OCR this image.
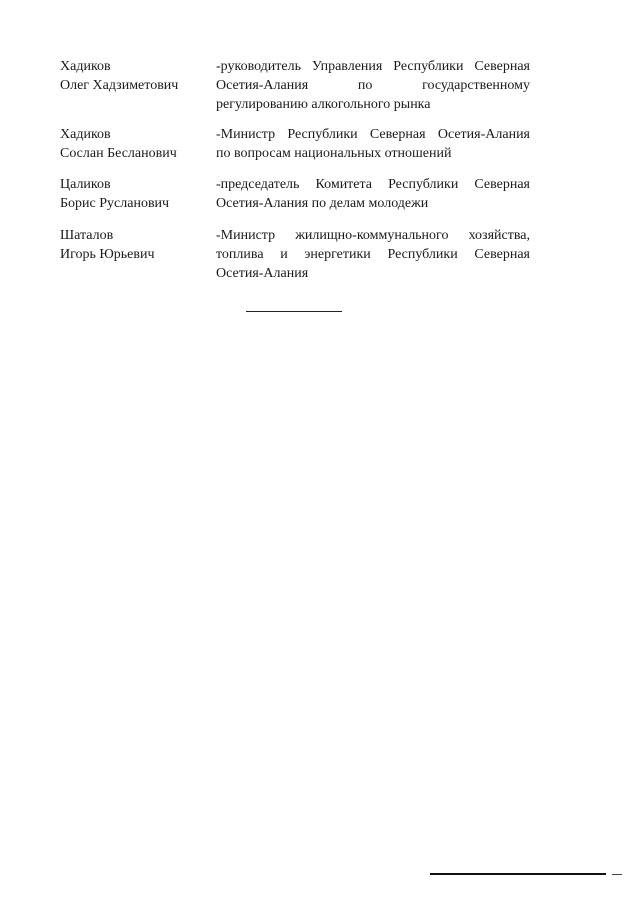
Хадиков
Олег Хадзиметович
-руководитель Управления Республики Северная
Осетия-Алания по государственному
регулированию алкогольного рынка
Хадиков
Сослан Бесланович
-Министр Республики Северная Осетия-Алания
по вопросам национальных отношений
Цаликов
Борис Русланович
-председатель Комитета Республики Северная
Осетия-Алания по делам молодежи
Шаталов
Игорь Юрьевич
-Министр жилищно-коммунального хозяйства,
топлива и энергетики Республики Северная
Осетия-Алания
